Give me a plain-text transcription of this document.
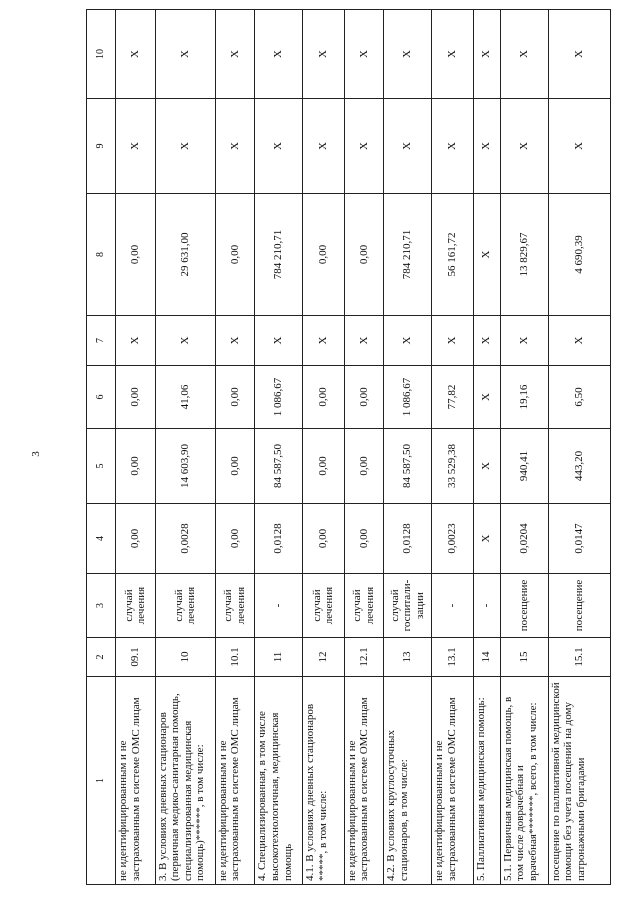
3
1	2	3	4	5	6	7	8	9	10
не идентифицированным и не застрахованным в системе ОМС лицам	09.1	случай лечения	0,00	0,00	0,00	X	0,00	X	X
3. В условиях дневных стационаров (первичная медико-санитарная помощь, специализированная медицинская помощь)******, в том числе:	10	случай лечения	0,0028	14 603,90	41,06	X	29 631,00	X	X
не идентифицированным и не застрахованным в системе ОМС лицам	10.1	случай лечения	0,00	0,00	0,00	X	0,00	X	X
4. Специализированная, в том числе высокотехнологичная, медицинская помощь	11	-	0,0128	84 587,50	1 086,67	X	784 210,71	X	X
4.1. В условиях дневных стационаров *****, в том числе:	12	случай лечения	0,00	0,00	0,00	X	0,00	X	X
не идентифицированным и не застрахованным в системе ОМС лицам	12.1	случай лечения	0,00	0,00	0,00	X	0,00	X	X
4.2. В условиях круглосуточных стационаров, в том числе:	13	случай госпитали- зации	0,0128	84 587,50	1 086,67	X	784 210,71	X	X
не идентифицированным и не застрахованным в системе ОМС лицам	13.1	-	0,0023	33 529,38	77,82	X	56 161,72	X	X
5. Паллиативная медицинская помощь:	14	-	X	X	X	X	X	X	X
5.1. Первичная медицинская помощь, в том числе доврачебная и врачебная*******, всего, в том числе:	15	посещение	0,0204	940,41	19,16	X	13 829,67	X	X
посещение по паллиативной медицинской помощи без учета посещений на дому патронажными бригадами	15.1	посещение	0,0147	443,20	6,50	X	4 690,39	X	X
